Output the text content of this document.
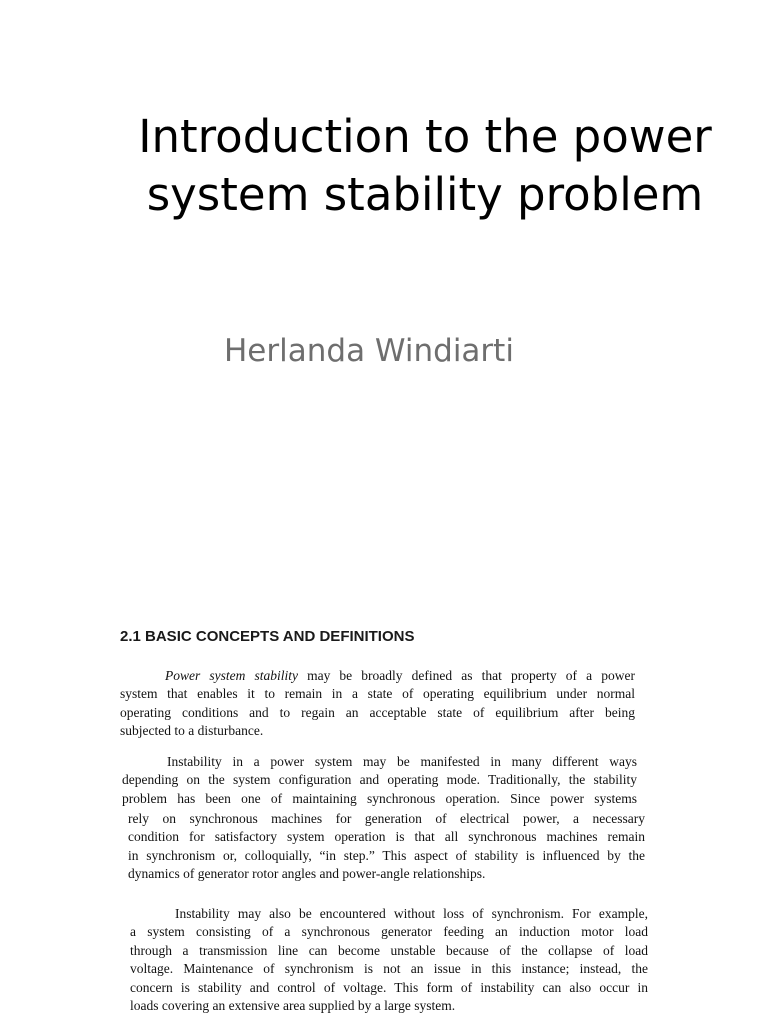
Introduction to the power
system stability problem
Herlanda Windiarti
2.1 BASIC CONCEPTS AND DEFINITIONS

Power system stability may be broadly defined as that property of a power
system that enables it to remain in a state of operating equilibrium under normal
operating conditions and to regain an acceptable state of equilibrium after being
subjected to a disturbance.

Instability in a power system may be manifested in many different ways
depending on the system configuration and operating mode. Traditionally, the stability
problem has been one of maintaining synchronous operation. Since power systems

rely on synchronous machines for generation of electrical power, a necessary
condition for satisfactory system operation is that all synchronous machines remain
in synchronism or, colloquially, “in step.” This aspect of stability is influenced by the
dynamics of generator rotor angles and power-angle relationships.

Instability may also be encountered without loss of synchronism. For example,
a system consisting of a synchronous generator feeding an induction motor load
through a transmission line can become unstable because of the collapse of load
voltage. Maintenance of synchronism is not an issue in this instance; instead, the
concern is stability and control of voltage. This form of instability can also occur in
loads covering an extensive area supplied by a large system.
